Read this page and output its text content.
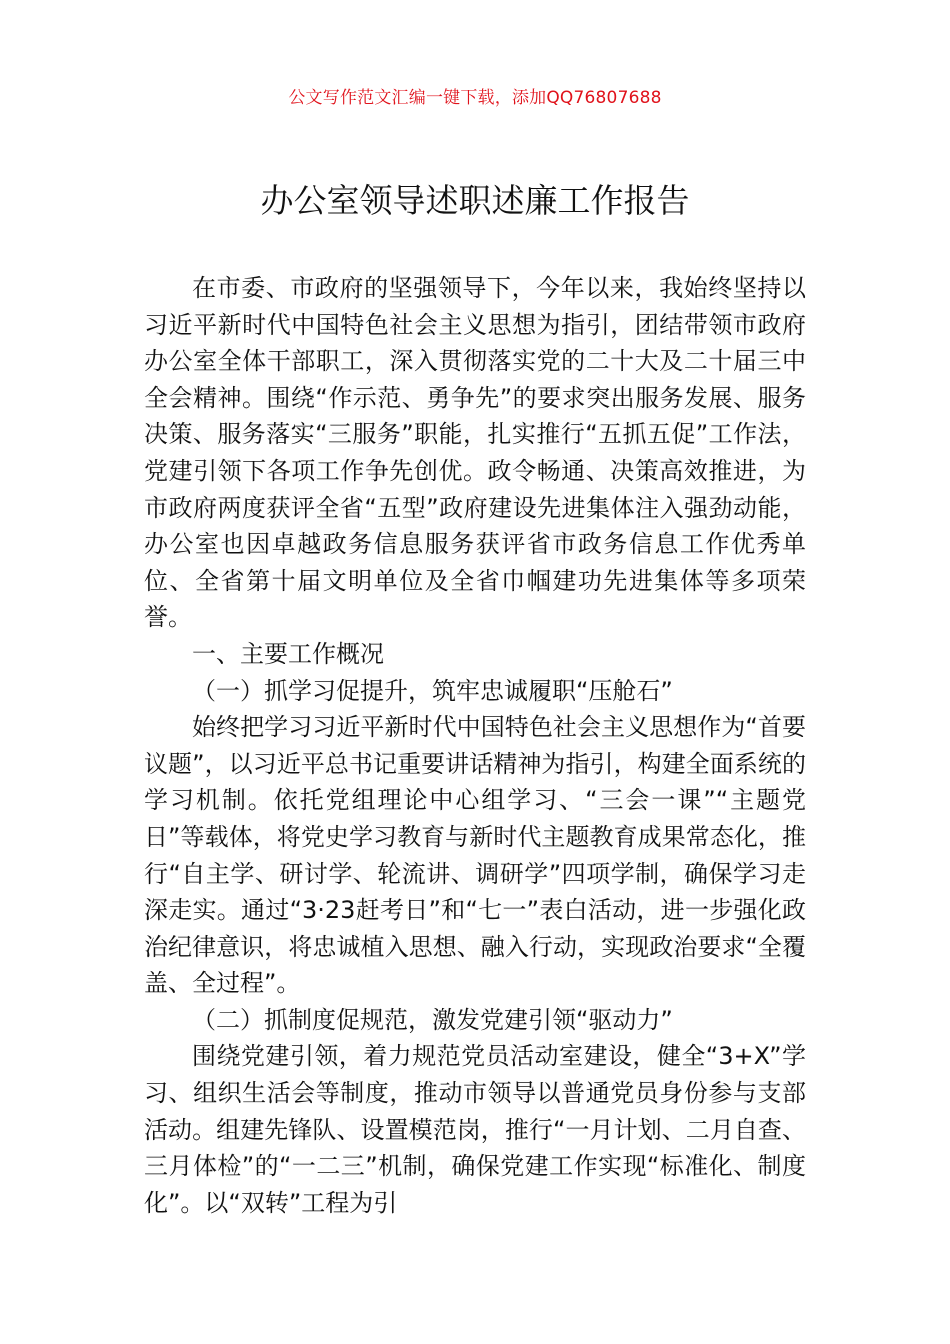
公文写作范文汇编一键下载，添加QQ76807688
办公室领导述职述廉工作报告

在市委、市政府的坚强领导下，今年以来，我始终坚持以习近平新时代中国特色社会主义思想为指引，团结带领市政府办公室全体干部职工，深入贯彻落实党的二十大及二十届三中全会精神。围绕“作示范、勇争先”的要求突出服务发展、服务决策、服务落实“三服务”职能，扎实推行“五抓五促”工作法，党建引领下各项工作争先创优。政令畅通、决策高效推进，为市政府两度获评全省“五型”政府建设先进集体注入强劲动能，办公室也因卓越政务信息服务获评省市政务信息工作优秀单位、全省第十届文明单位及全省巾帼建功先进集体等多项荣誉。

一、主要工作概况

（一）抓学习促提升，筑牢忠诚履职“压舱石”

始终把学习习近平新时代中国特色社会主义思想作为“首要议题”，以习近平总书记重要讲话精神为指引，构建全面系统的学习机制。依托党组理论中心组学习、“三会一课”“主题党日”等载体，将党史学习教育与新时代主题教育成果常态化，推行“自主学、研讨学、轮流讲、调研学”四项学制，确保学习走深走实。通过“3·23赶考日”和“七一”表白活动，进一步强化政治纪律意识，将忠诚植入思想、融入行动，实现政治要求“全覆盖、全过程”。

（二）抓制度促规范，激发党建引领“驱动力”

围绕党建引领，着力规范党员活动室建设，健全“3+X”学习、组织生活会等制度，推动市领导以普通党员身份参与支部活动。组建先锋队、设置模范岗，推行“一月计划、二月自查、三月体检”的“一二三”机制，确保党建工作实现“标准化、制度化”。以“双转”工程为引
